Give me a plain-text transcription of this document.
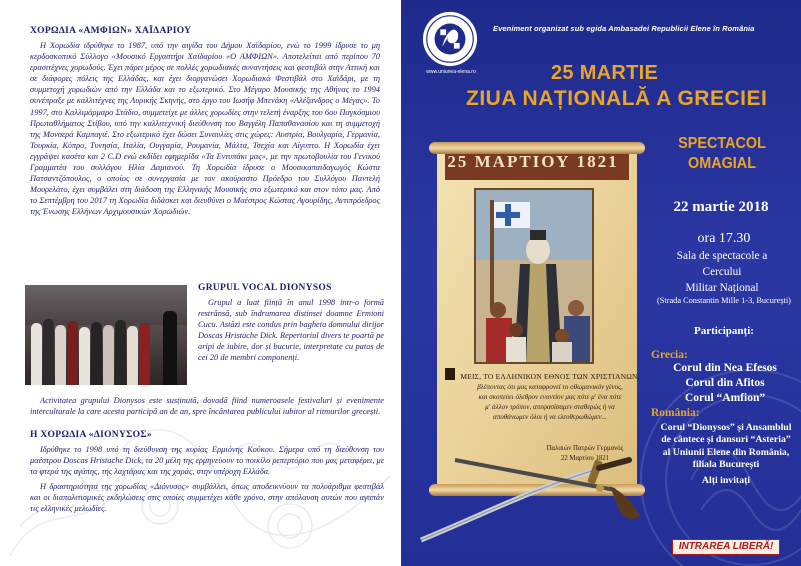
ΧΟΡΩΔΙΑ «ΑΜΦΙΩΝ» ΧΑΪΔΑΡΙΟΥ
Η Χορωδία ιδρύθηκε το 1987, υπό την αιγίδα του Δήμου Χαϊδαρίου, ενώ το 1999 ίδρυσε το μη κερδοσκοπικό Σύλλογο «Μουσικό Εργαστήρι Χαϊδαρίου «Ο ΑΜΦΙΩΝ». Αποτελείται από περίπου 70 ερασιτέχνες χορωδούς. Έχει πάρει μέρος σε πολλές χορωδιακές συναντήσεις και φεστιβάλ στην Αττική και σε διάφορες πόλεις της Ελλάδας, και έχει διοργανώσει Χορωδιακά Φεστιβάλ στο Χαϊδάρι, με τη συμμετοχή χορωδιών από την Ελλάδα και το εξωτερικό. Στο Μέγαρο Μουσικής της Αθήνας το 1994 συνέπραξε με καλλιτέχνες της Λυρικής Σκηνής, στο έργο του Ιωσήφ Μπενάκη «Αλέξανδρος ο Μέγας». Το 1997, στο Καλλιμάρμαρο Στάδιο, συμμετείχε με άλλες χορωδίες στην τελετή έναρξης του 6ου Παγκόσμιου Πρωταθλήματος Στίβου, υπό την καλλιτεχνική διεύθυνση του Βαγγέλη Παπαθανασίου και τη συμμετοχή της Μονσερά Καμπαγιέ. Στο εξωτερικό έχει δώσει Συναυλίες στις χώρες: Αυστρία, Βουλγαρία, Γερμανία, Τουρκία, Κύπρο, Τυνησία, Ιταλία, Ουγγαρία, Ρουμανία, Μάλτα, Τσεχία και Αίγυπτο. Η Χορωδία έχει εγγράψει κασέτα και 2 C.D ενώ εκδίδει εφημερίδα «Τα Εντυπάκι μας», με την πρωτοβουλία του Γενικού Γραμματέα του συλλόγου Ηλία Δαμιανού. Τη Χορωδία ίδρυσε ο Μουσικοπαιδαγωγός Κώστα Πατσαντζόπουλος, ο οποίος σε συνεργασία με τον ακούραστο Πρόεδρο του Συλλόγου Παντελή Μουρελάτο, έχει συμβάλει στη διάδοση της Ελληνικής Μουσικής στο εξωτερικό και στον τόπο μας. Από το Σεπτέμβρη του 2017 τη Χορωδία διδάσκει και διευθύνει ο Μαέστρος Κώστας Αγουρίδης, Αντιπρόεδρος της Ένωσης Ελλήνων Αρχιμουσικών Χορωδιών.
GRUPUL VOCAL DIONYSOS
Grupul a luat ființă în anul 1998 intr-o formă restrânsă, sub îndrumarea distinsei doamne Ermioni Cucu. Astăzi este condus prin bagheta domnului dirijor Doscas Hristache Dick. Repertoriul divers te poartă pe aripi de iubire, dor și bucurie, interpretate cu patos de cei 20 de membri componenți.
Activitatea grupului Dionysos este susținută, dovadă fiind numeroasele festivaluri și evenimente interculturale la care acesta participă an de an, spre încântarea publicului iubitor al ritmurilor grecești.
Η ΧΟΡΩΔΙΑ «ΔΙΟΝΥΣΟΣ»
Ιδρύθηκε το 1998 υπό τη διεύθυνση της κυρίας Ερμιόνης Κούκου. Σήμερα υπό τη διεύθυνση του μαέστρου Doscas Hristache Dick, τα 20 μέλη της ερμηνεύουν το ποικίλο ρεπερτόριο που μας μεταφέρει, με τα φτερά της αγάπης, της λαχτάρας και της χαράς, στην υπέροχη Ελλάδα.
Η δραστηριότητα της χορωδίας «Διόνυσος» συμβάλλει, όπως αποδεικνύουν τα πολυάριθμα φεστιβάλ και οι διαπολιτισμικές εκδηλώσεις στις οποίες συμμετέχει κάθε χρόνο, στην απόλαυση αυτών που αγαπάν τις ελληνικές μελωδίες.
www.uniunea-elena.ro
Eveniment organizat sub egida Ambasadei Republicii Elene în România
25 MARTIE
ZIUA NAȚIONALĂ A GRECIEI
25 ΜΑΡΤΙΟΥ 1821
ΜΕΙΣ, ΤΟ ΕΛΛΗΝΙΚΟΝ ΕΘΝΟΣ ΤΩΝ ΧΡΙΣΤΙΑΝΩΝ,
βλέποντας ότι μας καταφρονεί το οθωμανικόν γένος,
και σκοπεύει όλεθρον εναντίον μας πότε μ' ένα πότε
μ' άλλον τρόπον, απεφασίσαμεν σταθερώς ή να
αποθάνωμεν όλοι ή να ελευθερωθώμεν...
Παλαιών Πατρών Γερμανός
22 Μαρτίου 1821
SPECTACOL
OMAGIAL
22 martie 2018
ora 17.30
Sala de spectacole a
Cercului
Militar Național
(Strada Constantin Mille 1-3, București)
Participanți:
Grecia:
Corul din Nea Efesos
Corul din Afitos
Corul “Amfion”
România:
Corul “Dionysos” și Ansamblul
de cântece și dansuri “Asteria”
al Uniunii Elene din România,
filiala București
Alți invitați
INTRAREA LIBERĂ!
